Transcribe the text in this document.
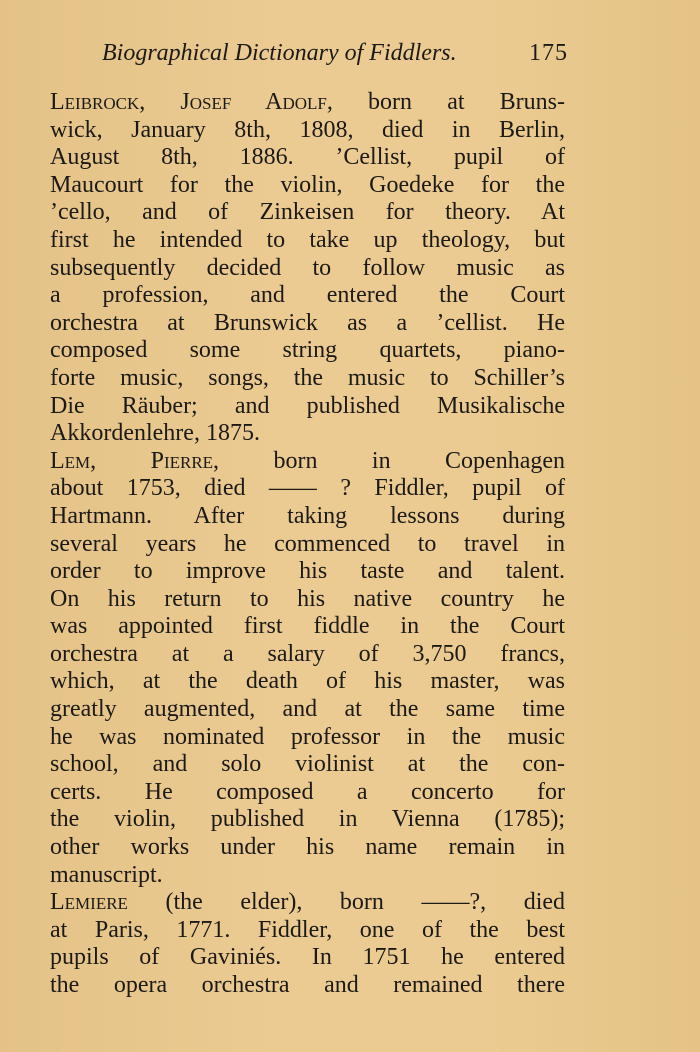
Biographical Dictionary of Fiddlers.	175
Leibrock, Josef Adolf, born at Bruns-
wick, January 8th, 1808, died in Berlin,
August 8th, 1886. ’Cellist, pupil of
Maucourt for the violin, Goedeke for the
’cello, and of Zinkeisen for theory. At
first he intended to take up theology, but
subsequently decided to follow music as
a profession, and entered the Court
orchestra at Brunswick as a ’cellist. He
composed some string quartets, piano-
forte music, songs, the music to Schiller’s
Die Räuber; and published Musikalische
Akkordenlehre, 1875.
Lem, Pierre, born in Copenhagen
about 1753, died —— ? Fiddler, pupil of
Hartmann. After taking lessons during
several years he commenced to travel in
order to improve his taste and talent.
On his return to his native country he
was appointed first fiddle in the Court
orchestra at a salary of 3,750 francs,
which, at the death of his master, was
greatly augmented, and at the same time
he was nominated professor in the music
school, and solo violinist at the con-
certs. He composed a concerto for
the violin, published in Vienna (1785);
other works under his name remain in
manuscript.
Lemiere (the elder), born ——?, died
at Paris, 1771. Fiddler, one of the best
pupils of Gaviniés. In 1751 he entered
the opera orchestra and remained there
